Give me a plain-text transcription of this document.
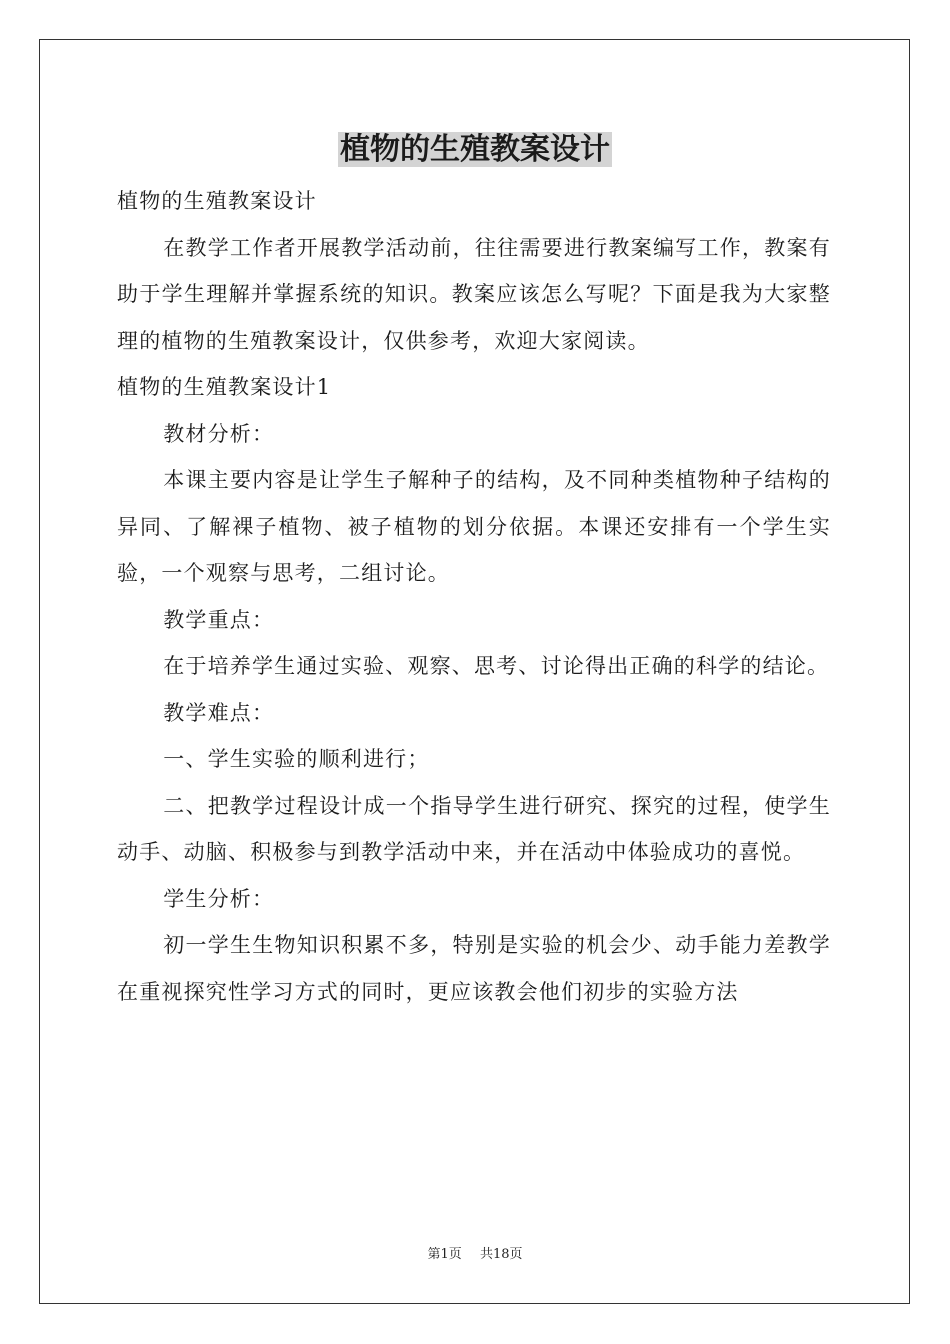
植物的生殖教案设计

植物的生殖教案设计

在教学工作者开展教学活动前，往往需要进行教案编写工作，教案有助于学生理解并掌握系统的知识。教案应该怎么写呢？下面是我为大家整理的植物的生殖教案设计，仅供参考，欢迎大家阅读。

植物的生殖教案设计1

教材分析：

本课主要内容是让学生子解种子的结构，及不同种类植物种子结构的异同、了解裸子植物、被子植物的划分依据。本课还安排有一个学生实验，一个观察与思考，二组讨论。

教学重点：

在于培养学生通过实验、观察、思考、讨论得出正确的科学的结论。

教学难点：

一、学生实验的顺利进行；

二、把教学过程设计成一个指导学生进行研究、探究的过程，使学生动手、动脑、积极参与到教学活动中来，并在活动中体验成功的喜悦。

学生分析：

初一学生生物知识积累不多，特别是实验的机会少、动手能力差教学在重视探究性学习方式的同时，更应该教会他们初步的实验方法

第1页 共18页
